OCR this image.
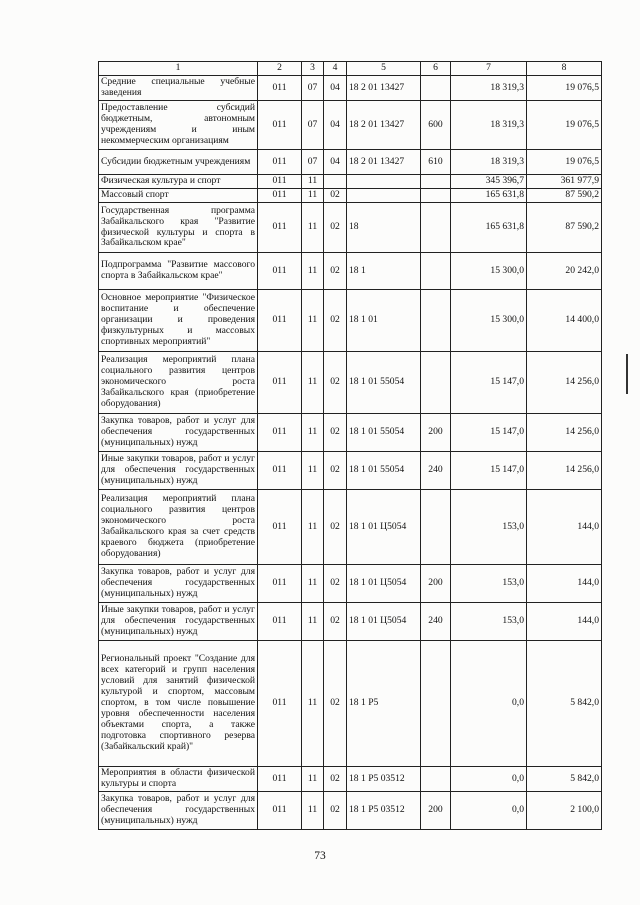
1	2	3	4	5	6	7	8
Средние специальные учебные заведения	011	07	04	18 2 01 13427		18 319,3	19 076,5
Предоставление субсидий бюджетным, автономным учреждениям и иным некоммерческим организациям	011	07	04	18 2 01 13427	600	18 319,3	19 076,5
Субсидии бюджетным учреждениям	011	07	04	18 2 01 13427	610	18 319,3	19 076,5
Физическая культура и спорт	011	11				345 396,7	361 977,9
Массовый спорт	011	11	02			165 631,8	87 590,2
Государственная программа Забайкальского края "Развитие физической культуры и спорта в Забайкальском крае"	011	11	02	18		165 631,8	87 590,2
Подпрограмма "Развитие массового спорта в Забайкальском крае"	011	11	02	18 1		15 300,0	20 242,0
Основное мероприятие "Физическое воспитание и обеспечение организации и проведения физкультурных и массовых спортивных мероприятий"	011	11	02	18 1 01		15 300,0	14 400,0
Реализация мероприятий плана социального развития центров экономического роста Забайкальского края (приобретение оборудования)	011	11	02	18 1 01 55054		15 147,0	14 256,0
Закупка товаров, работ и услуг для обеспечения государственных (муниципальных) нужд	011	11	02	18 1 01 55054	200	15 147,0	14 256,0
Иные закупки товаров, работ и услуг для обеспечения государственных (муниципальных) нужд	011	11	02	18 1 01 55054	240	15 147,0	14 256,0
Реализация мероприятий плана социального развития центров экономического роста Забайкальского края за счет средств краевого бюджета (приобретение оборудования)	011	11	02	18 1 01 Ц5054		153,0	144,0
Закупка товаров, работ и услуг для обеспечения государственных (муниципальных) нужд	011	11	02	18 1 01 Ц5054	200	153,0	144,0
Иные закупки товаров, работ и услуг для обеспечения государственных (муниципальных) нужд	011	11	02	18 1 01 Ц5054	240	153,0	144,0
Региональный проект "Создание для всех категорий и групп населения условий для занятий физической культурой и спортом, массовым спортом, в том числе повышение уровня обеспеченности населения объектами спорта, а также подготовка спортивного резерва (Забайкальский край)"	011	11	02	18 1 P5		0,0	5 842,0
Мероприятия в области физической культуры и спорта	011	11	02	18 1 P5 03512		0,0	5 842,0
Закупка товаров, работ и услуг для обеспечения государственных (муниципальных) нужд	011	11	02	18 1 P5 03512	200	0,0	2 100,0
73
